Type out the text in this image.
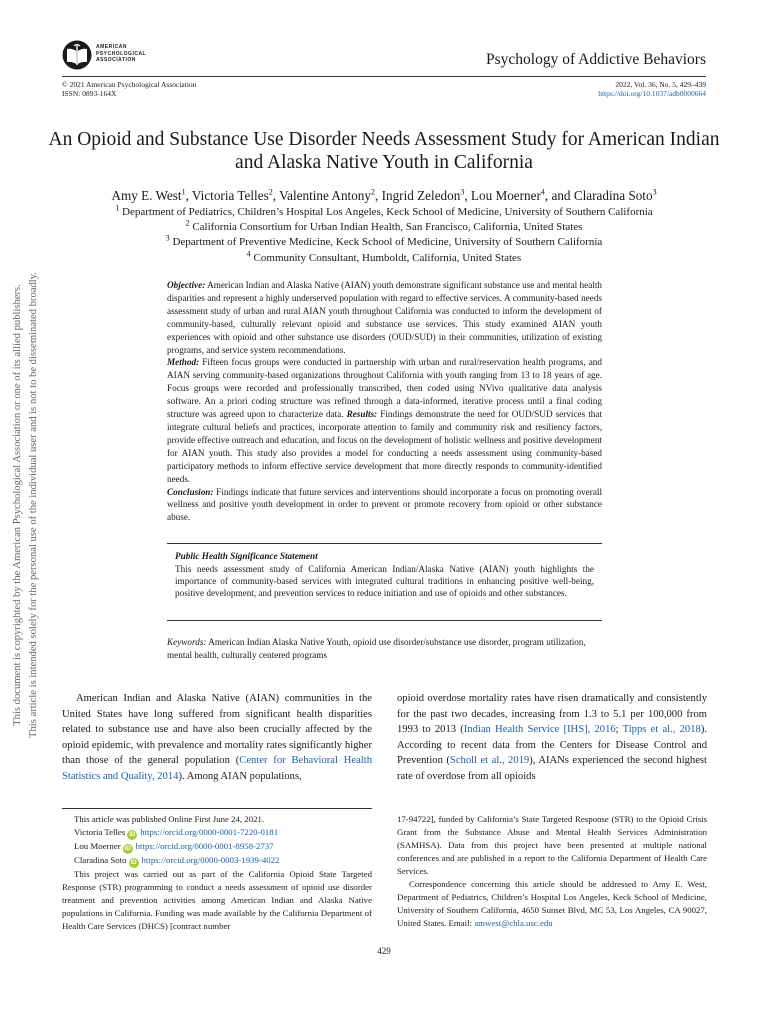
AMERICAN
PSYCHOLOGICAL
ASSOCIATION	Psychology of Addictive Behaviors
© 2021 American Psychological Association
ISSN: 0893-164X
2022, Vol. 36, No. 5, 429–439
https://doi.org/10.1037/adb0000664
An Opioid and Substance Use Disorder Needs Assessment Study for American Indian and Alaska Native Youth in California
Amy E. West$^1$, Victoria Telles$^2$, Valentine Antony$^2$, Ingrid Zeledon$^3$, Lou Moerner$^4$, and Claradina Soto$^3$
$^1$ Department of Pediatrics, Children’s Hospital Los Angeles, Keck School of Medicine, University of Southern California
$^2$ California Consortium for Urban Indian Health, San Francisco, California, United States
$^3$ Department of Preventive Medicine, Keck School of Medicine, University of Southern California
$^4$ Community Consultant, Humboldt, California, United States
Objective: American Indian and Alaska Native (AIAN) youth demonstrate significant substance use and mental health disparities and represent a highly underserved population with regard to effective services. A community-based needs assessment study of urban and rural AIAN youth throughout California was conducted to inform the development of community-based, culturally relevant opioid and substance use services. This study examined AIAN youth experiences with opioid and other substance use disorders (OUD/SUD) in their communities, utilization of existing programs, and service system recommendations.
Method: Fifteen focus groups were conducted in partnership with urban and rural/reservation health programs, and AIAN serving community-based organizations throughout California with youth ranging from 13 to 18 years of age. Focus groups were recorded and professionally transcribed, then coded using NVivo qualitative data analysis software. An a priori coding structure was refined through a data-informed, iterative process until a final coding structure was agreed upon to characterize data. Results: Findings demonstrate the need for OUD/SUD services that integrate cultural beliefs and practices, incorporate attention to family and community risk and resiliency factors, provide effective outreach and education, and focus on the development of holistic wellness and positive development for AIAN youth. This study also provides a model for conducting a needs assessment using community-based participatory methods to inform effective service development that more directly responds to community-identified needs.
Conclusion: Findings indicate that future services and interventions should incorporate a focus on promoting overall wellness and positive youth development in order to prevent or promote recovery from opioid or other substance abuse.
Public Health Significance Statement
This needs assessment study of California American Indian/Alaska Native (AIAN) youth highlights the importance of community-based services with integrated cultural traditions in enhancing positive well-being, positive development, and prevention services to reduce initiation and use of opioids and other substances.
Keywords: American Indian Alaska Native Youth, opioid use disorder/substance use disorder, program utilization, mental health, culturally centered programs
American Indian and Alaska Native (AIAN) communities in the United States have long suffered from significant health disparities related to substance use and have also been crucially affected by the opioid epidemic, with prevalence and mortality rates significantly higher than those of the general population (Center for Behavioral Health Statistics and Quality, 2014). Among AIAN populations,
opioid overdose mortality rates have risen dramatically and consistently for the past two decades, increasing from 1.3 to 5.1 per 100,000 from 1993 to 2013 (Indian Health Service [IHS], 2016; Tipps et al., 2018). According to recent data from the Centers for Disease Control and Prevention (Scholl et al., 2019), AIANs experienced the second highest rate of overdose from all opioids
This article was published Online First June 24, 2021.
Victoria Telles iD https://orcid.org/0000-0001-7220-0181
Lou Moerner iD https://orcid.org/0000-0001-8958-2737
Claradina Soto iD https://orcid.org/0000-0003-1939-4022
This project was carried out as part of the California Opioid State Targeted Response (STR) programming to conduct a needs assessment of opioid use disorder treatment and prevention activities among American Indian and Alaska Native populations in California. Funding was made available by the California Department of Health Care Services (DHCS) [contract number
17-94722], funded by California’s State Targeted Response (STR) to the Opioid Crisis Grant from the Substance Abuse and Mental Health Services Administration (SAMHSA). Data from this project have been presented at multiple national conferences and are published in a report to the California Department of Health Care Services.
Correspondence concerning this article should be addressed to Amy E. West, Department of Pediatrics, Children’s Hospital Los Angeles, Keck School of Medicine, University of Southern California, 4650 Sunset Blvd, MC 53, Los Angeles, CA 90027, United States. Email: amwest@chla.usc.edu
429
This document is copyrighted by the American Psychological Association or one of its allied publishers. This article is intended solely for the personal use of the individual user and is not to be disseminated broadly.
